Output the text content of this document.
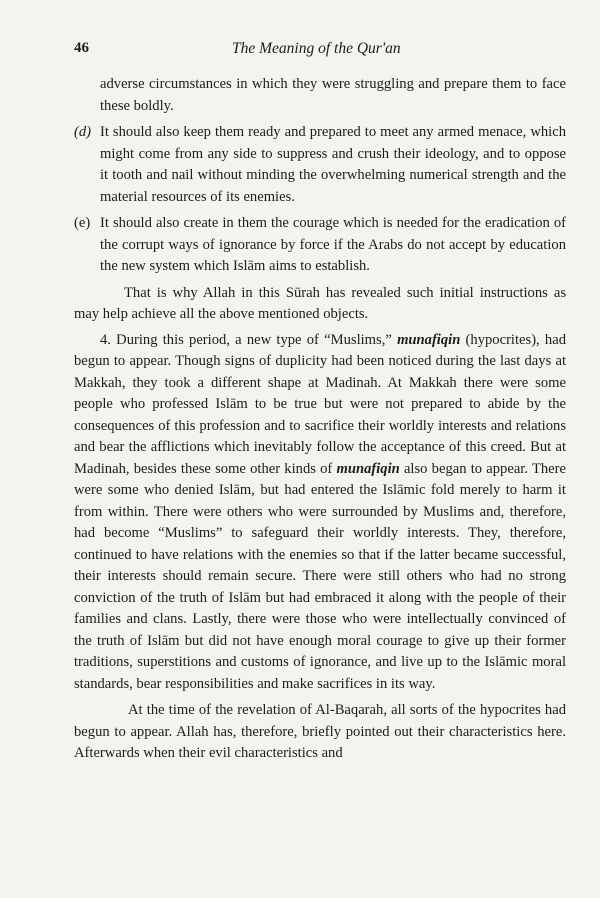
46	The Meaning of the Qur'an

adverse circumstances in which they were struggling and prepare them to face these boldly.

(d) It should also keep them ready and prepared to meet any armed menace, which might come from any side to suppress and crush their ideology, and to oppose it tooth and nail without minding the overwhelming numerical strength and the material resources of its enemies.
(e) It should also create in them the courage which is needed for the eradication of the corrupt ways of ignorance by force if the Arabs do not accept by education the new system which Islām aims to establish.

That is why Allah in this Sūrah has revealed such initial instructions as may help achieve all the above mentioned objects.

4. During this period, a new type of “Muslims,” munafiqin (hypocrites), had begun to appear. Though signs of duplicity had been noticed during the last days at Makkah, they took a different shape at Madinah. At Makkah there were some people who professed Islām to be true but were not prepared to abide by the consequences of this profession and to sacrifice their worldly interests and relations and bear the afflictions which inevitably follow the acceptance of this creed. But at Madinah, besides these some other kinds of munafiqin also began to appear. There were some who denied Islām, but had entered the Islāmic fold merely to harm it from within. There were others who were surrounded by Muslims and, therefore, had become “Muslims” to safeguard their worldly interests. They, therefore, continued to have relations with the enemies so that if the latter became successful, their interests should remain secure. There were still others who had no strong conviction of the truth of Islām but had embraced it along with the people of their families and clans. Lastly, there were those who were intellectually convinced of the truth of Islām but did not have enough moral courage to give up their former traditions, superstitions and customs of ignorance, and live up to the Islāmic moral standards, bear responsibilities and make sacrifices in its way.

At the time of the revelation of Al-Baqarah, all sorts of the hypocrites had begun to appear. Allah has, therefore, briefly pointed out their characteristics here. Afterwards when their evil characteristics and
